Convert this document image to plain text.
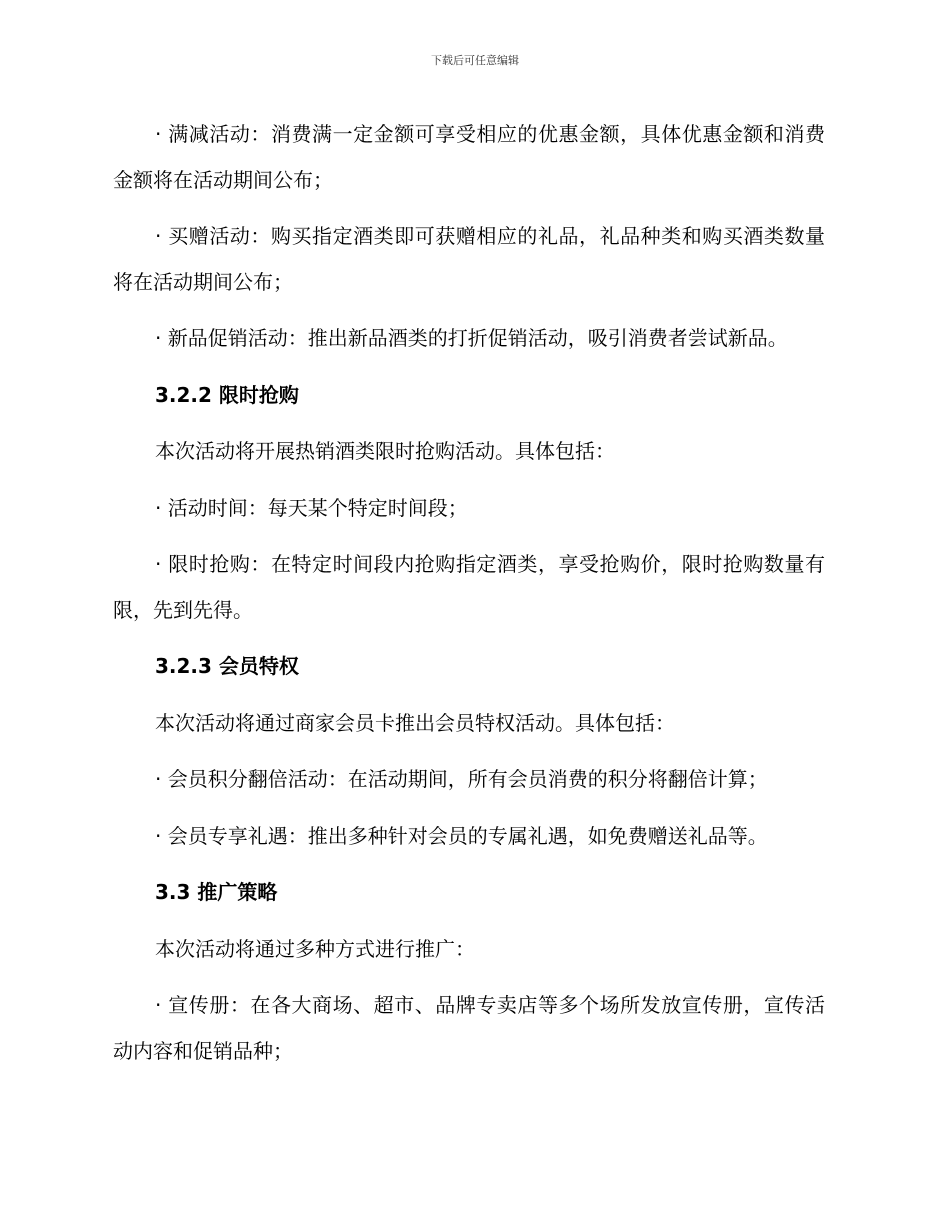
下载后可任意编辑

· 满减活动：消费满一定金额可享受相应的优惠金额，具体优惠金额和消费金额将在活动期间公布；

· 买赠活动：购买指定酒类即可获赠相应的礼品，礼品种类和购买酒类数量将在活动期间公布；

· 新品促销活动：推出新品酒类的打折促销活动，吸引消费者尝试新品。

3.2.2 限时抢购

本次活动将开展热销酒类限时抢购活动。具体包括：

· 活动时间：每天某个特定时间段；

· 限时抢购：在特定时间段内抢购指定酒类，享受抢购价，限时抢购数量有限，先到先得。

3.2.3 会员特权

本次活动将通过商家会员卡推出会员特权活动。具体包括：

· 会员积分翻倍活动：在活动期间，所有会员消费的积分将翻倍计算；

· 会员专享礼遇：推出多种针对会员的专属礼遇，如免费赠送礼品等。

3.3 推广策略

本次活动将通过多种方式进行推广：

· 宣传册：在各大商场、超市、品牌专卖店等多个场所发放宣传册，宣传活动内容和促销品种；
